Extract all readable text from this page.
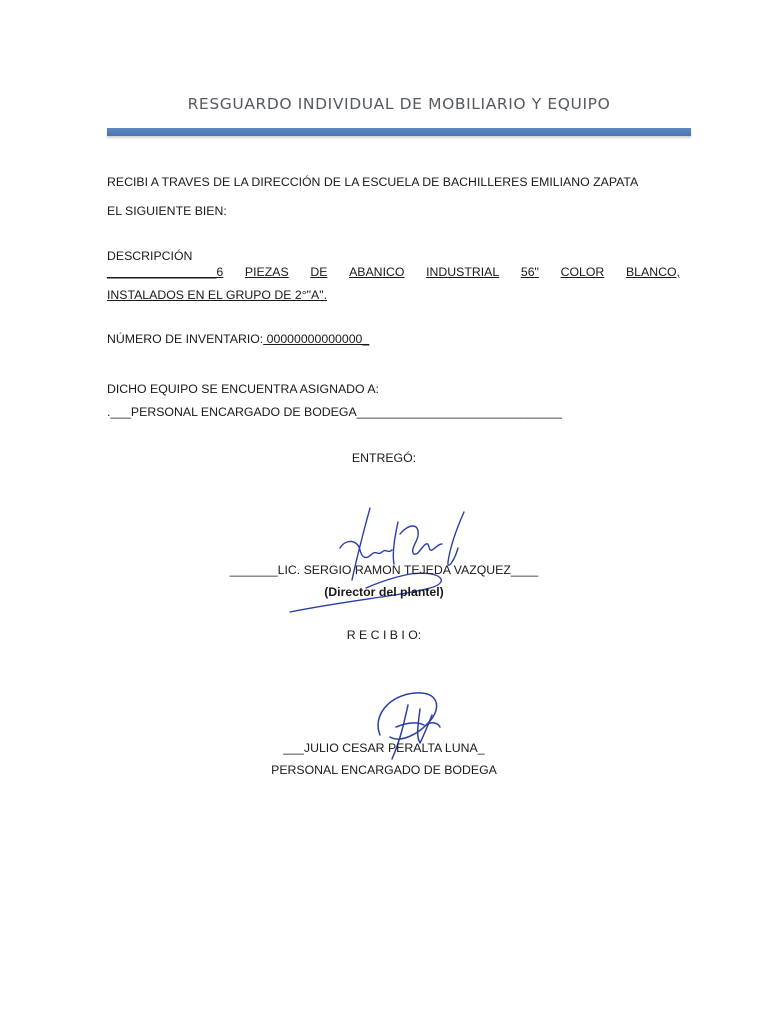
RESGUARDO INDIVIDUAL DE MOBILIARIO Y EQUIPO
RECIBI A TRAVES DE LA DIRECCIÓN DE LA ESCUELA DE BACHILLERES EMILIANO ZAPATA
EL SIGUIENTE BIEN:
DESCRIPCIÓN
________________6 PIEZAS DE ABANICO INDUSTRIAL 56" COLOR BLANCO,
INSTALADOS EN EL GRUPO DE 2°"A".
NÚMERO DE INVENTARIO: 00000000000000_
DICHO EQUIPO SE ENCUENTRA ASIGNADO A:
.___PERSONAL ENCARGADO DE BODEGA______________________________
ENTREGÓ:
_______LIC. SERGIO RAMON TEJEDA VAZQUEZ____
(Director del plantel)
R E C I B I O:
___JULIO CESAR PERALTA LUNA_
PERSONAL ENCARGADO DE BODEGA
